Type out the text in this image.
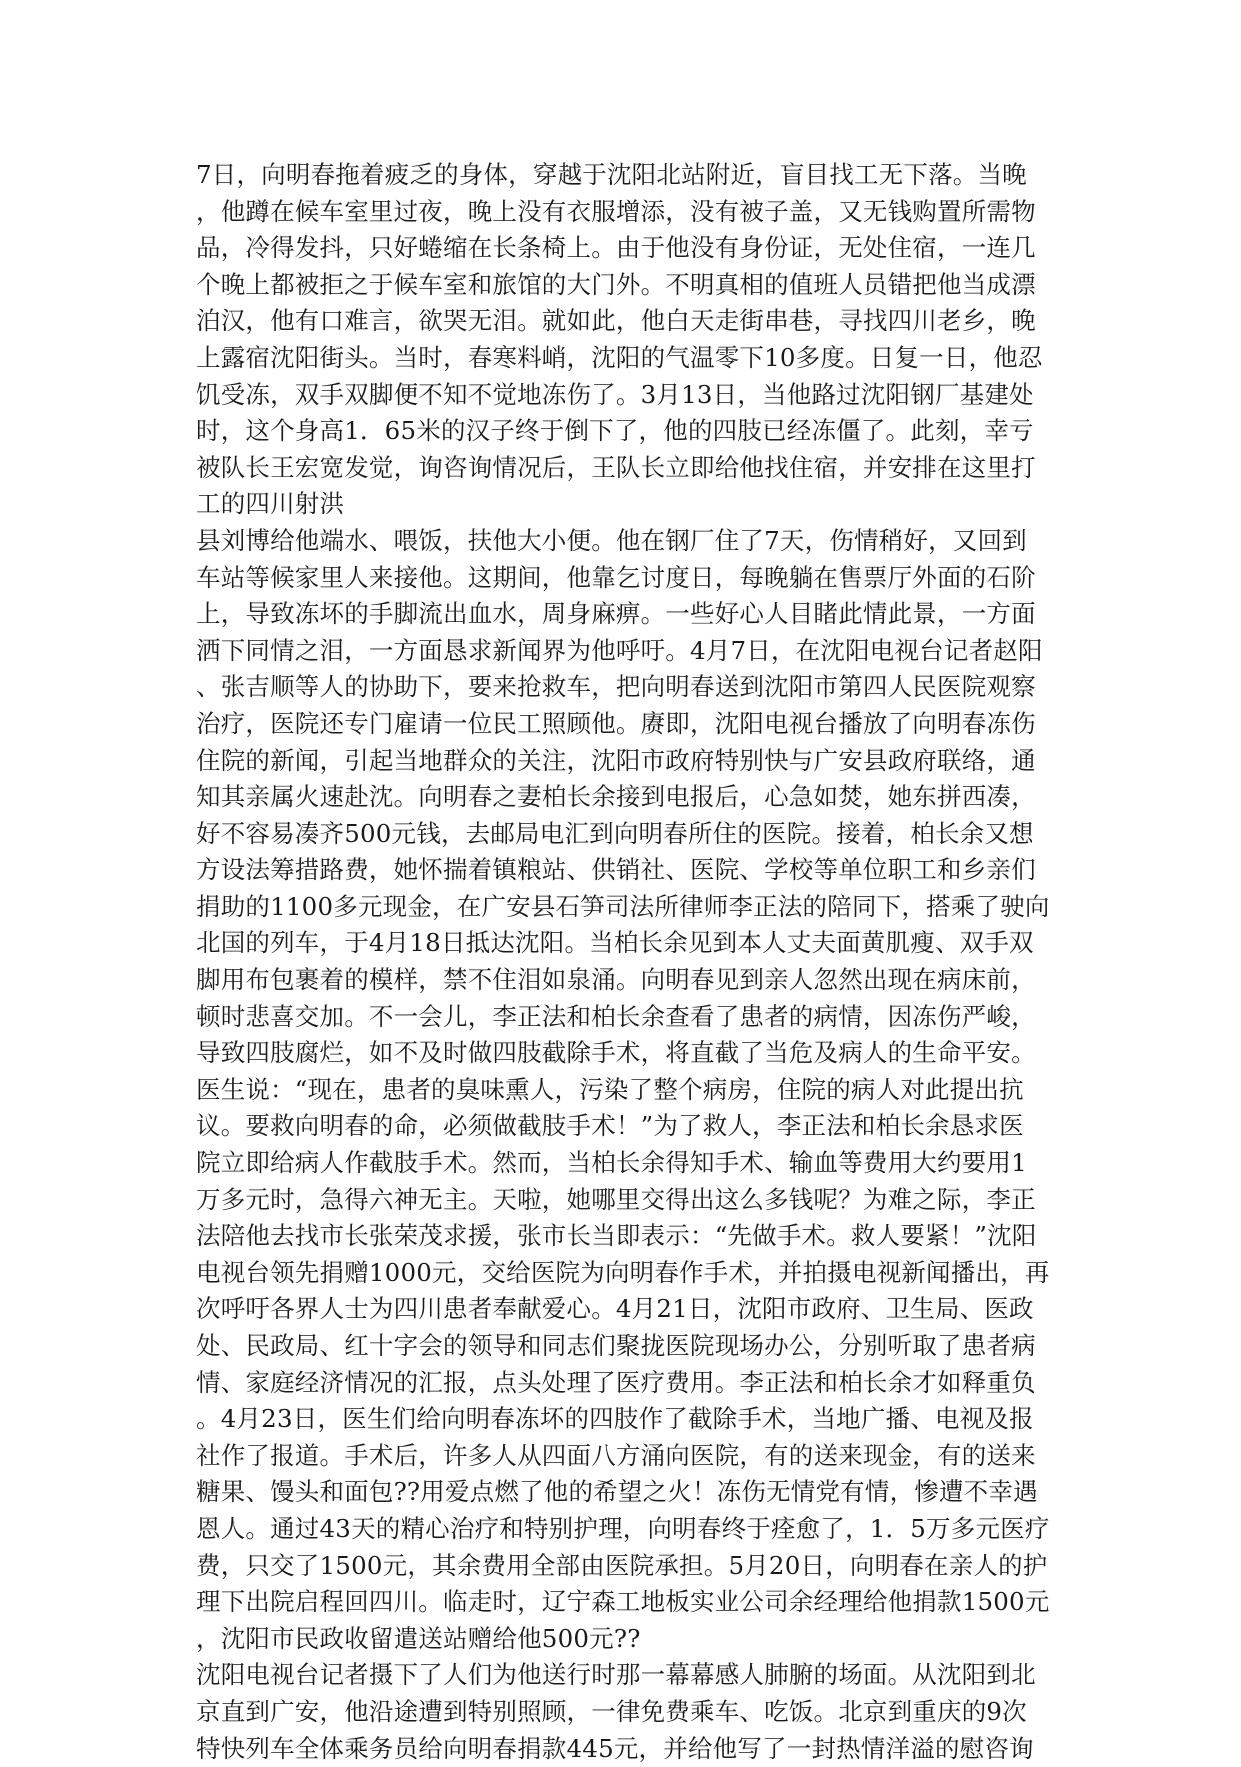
7日，向明春拖着疲乏的身体，穿越于沈阳北站附近，盲目找工无下落。当晚
，他蹲在候车室里过夜，晚上没有衣服增添，没有被子盖，又无钱购置所需物
品，冷得发抖，只好蜷缩在长条椅上。由于他没有身份证，无处住宿，一连几
个晚上都被拒之于候车室和旅馆的大门外。不明真相的值班人员错把他当成漂
泊汉，他有口难言，欲哭无泪。就如此，他白天走街串巷，寻找四川老乡，晚
上露宿沈阳街头。当时，春寒料峭，沈阳的气温零下10多度。日复一日，他忍
饥受冻，双手双脚便不知不觉地冻伤了。3月13日，当他路过沈阳钢厂基建处
时，这个身高1．65米的汉子终于倒下了，他的四肢已经冻僵了。此刻，幸亏
被队长王宏宽发觉，询咨询情况后，王队长立即给他找住宿，并安排在这里打
工的四川射洪
县刘博给他端水、喂饭，扶他大小便。他在钢厂住了7天，伤情稍好，又回到
车站等候家里人来接他。这期间，他靠乞讨度日，每晚躺在售票厅外面的石阶
上，导致冻坏的手脚流出血水，周身麻痹。一些好心人目睹此情此景，一方面
洒下同情之泪，一方面恳求新闻界为他呼吁。4月7日，在沈阳电视台记者赵阳
、张吉顺等人的协助下，要来抢救车，把向明春送到沈阳市第四人民医院观察
治疗，医院还专门雇请一位民工照顾他。赓即，沈阳电视台播放了向明春冻伤
住院的新闻，引起当地群众的关注，沈阳市政府特别快与广安县政府联络，通
知其亲属火速赴沈。向明春之妻柏长余接到电报后，心急如焚，她东拼西凑，
好不容易凑齐500元钱，去邮局电汇到向明春所住的医院。接着，柏长余又想
方设法筹措路费，她怀揣着镇粮站、供销社、医院、学校等单位职工和乡亲们
捐助的1100多元现金，在广安县石笋司法所律师李正法的陪同下，搭乘了驶向
北国的列车，于4月18日抵达沈阳。当柏长余见到本人丈夫面黄肌瘦、双手双
脚用布包裹着的模样，禁不住泪如泉涌。向明春见到亲人忽然出现在病床前，
顿时悲喜交加。不一会儿，李正法和柏长余查看了患者的病情，因冻伤严峻，
导致四肢腐烂，如不及时做四肢截除手术，将直截了当危及病人的生命平安。
医生说：“现在，患者的臭味熏人，污染了整个病房，住院的病人对此提出抗
议。要救向明春的命，必须做截肢手术！”为了救人，李正法和柏长余恳求医
院立即给病人作截肢手术。然而，当柏长余得知手术、输血等费用大约要用1
万多元时，急得六神无主。天啦，她哪里交得出这么多钱呢？为难之际，李正
法陪他去找市长张荣茂求援，张市长当即表示：“先做手术。救人要紧！”沈阳
电视台领先捐赠1000元，交给医院为向明春作手术，并拍摄电视新闻播出，再
次呼吁各界人士为四川患者奉献爱心。4月21日，沈阳市政府、卫生局、医政
处、民政局、红十字会的领导和同志们聚拢医院现场办公，分别听取了患者病
情、家庭经济情况的汇报，点头处理了医疗费用。李正法和柏长余才如释重负
。4月23日，医生们给向明春冻坏的四肢作了截除手术，当地广播、电视及报
社作了报道。手术后，许多人从四面八方涌向医院，有的送来现金，有的送来
糖果、馒头和面包??用爱点燃了他的希望之火！冻伤无情党有情，惨遭不幸遇
恩人。通过43天的精心治疗和特别护理，向明春终于痊愈了，1．5万多元医疗
费，只交了1500元，其余费用全部由医院承担。5月20日，向明春在亲人的护
理下出院启程回四川。临走时，辽宁森工地板实业公司余经理给他捐款1500元
，沈阳市民政收留遣送站赠给他500元??
沈阳电视台记者摄下了人们为他送行时那一幕幕感人肺腑的场面。从沈阳到北
京直到广安，他沿途遭到特别照顾，一律免费乘车、吃饭。北京到重庆的9次
特快列车全体乘务员给向明春捐款445元，并给他写了一封热情洋溢的慰咨询
